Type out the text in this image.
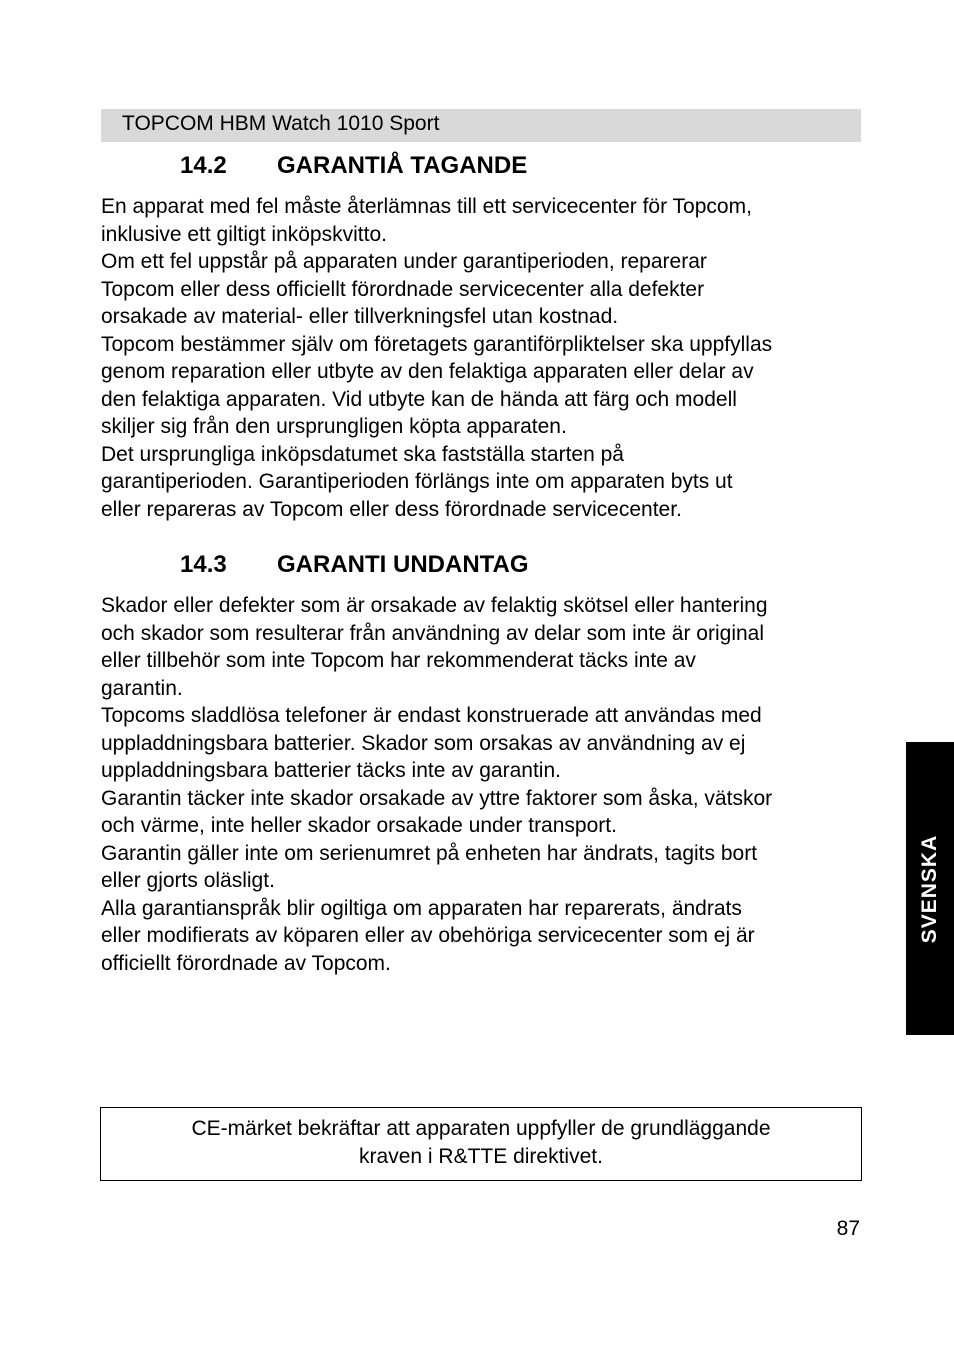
TOPCOM HBM Watch 1010 Sport
14.2 GARANTIÅ TAGANDE
En apparat med fel måste återlämnas till ett servicecenter för Topcom,
inklusive ett giltigt inköpskvitto.
Om ett fel uppstår på apparaten under garantiperioden, reparerar
Topcom eller dess officiellt förordnade servicecenter alla defekter
orsakade av material- eller tillverkningsfel utan kostnad.
Topcom bestämmer själv om företagets garantiförpliktelser ska uppfyllas
genom reparation eller utbyte av den felaktiga apparaten eller delar av
den felaktiga apparaten. Vid utbyte kan de hända att färg och modell
skiljer sig från den ursprungligen köpta apparaten.
Det ursprungliga inköpsdatumet ska fastställa starten på
garantiperioden. Garantiperioden förlängs inte om apparaten byts ut
eller repareras av Topcom eller dess förordnade servicecenter.
14.3 GARANTI UNDANTAG
Skador eller defekter som är orsakade av felaktig skötsel eller hantering
och skador som resulterar från användning av delar som inte är original
eller tillbehör som inte Topcom har rekommenderat täcks inte av
garantin.
Topcoms sladdlösa telefoner är endast konstruerade att användas med
uppladdningsbara batterier. Skador som orsakas av användning av ej
uppladdningsbara batterier täcks inte av garantin.
Garantin täcker inte skador orsakade av yttre faktorer som åska, vätskor
och värme, inte heller skador orsakade under transport.
Garantin gäller inte om serienumret på enheten har ändrats, tagits bort
eller gjorts oläsligt.
Alla garantianspråk blir ogiltiga om apparaten har reparerats, ändrats
eller modifierats av köparen eller av obehöriga servicecenter som ej är
officiellt förordnade av Topcom.
CE-märket bekräftar att apparaten uppfyller de grundläggande
kraven i R&TTE direktivet.
87
SVENSKA
